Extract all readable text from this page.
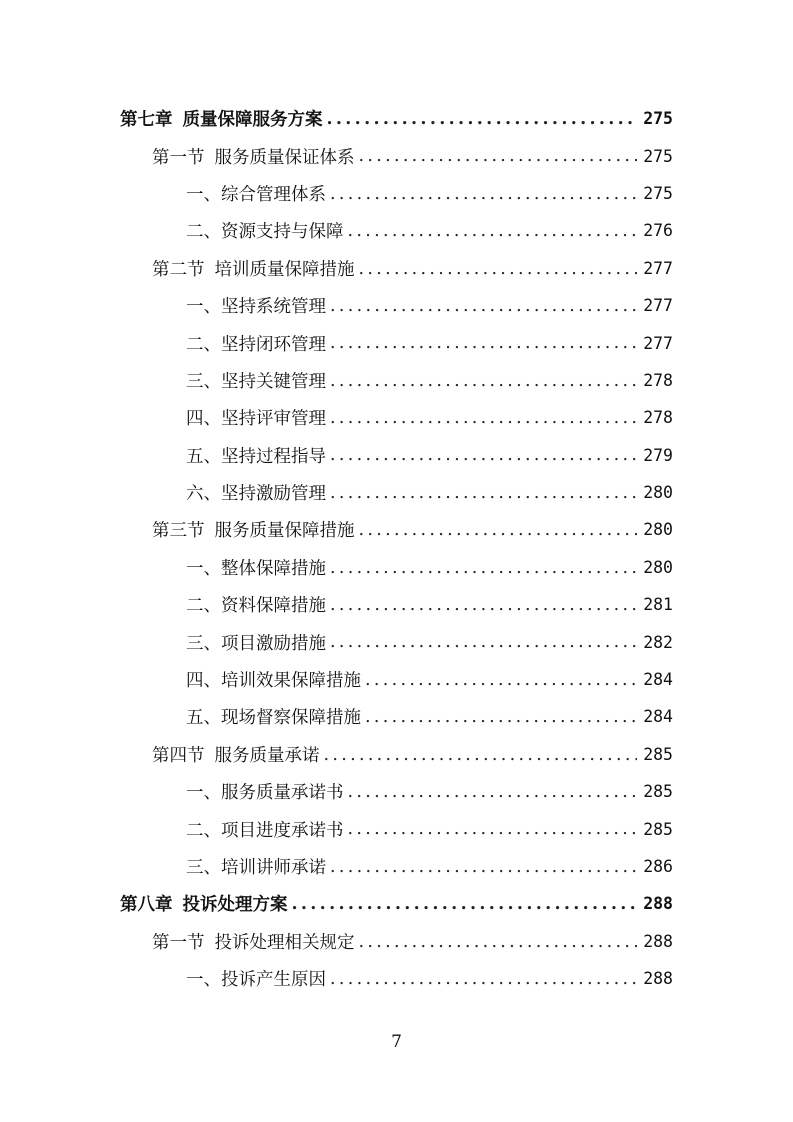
第七章 质量保障服务方案 .....	275
第一节 服务质量保证体系 .....	275
一、综合管理体系 .....	275
二、资源支持与保障 .....	276
第二节 培训质量保障措施 .....	277
一、坚持系统管理 .....	277
二、坚持闭环管理 .....	277
三、坚持关键管理 .....	278
四、坚持评审管理 .....	278
五、坚持过程指导 .....	279
六、坚持激励管理 .....	280
第三节 服务质量保障措施 .....	280
一、整体保障措施 .....	280
二、资料保障措施 .....	281
三、项目激励措施 .....	282
四、培训效果保障措施 .....	284
五、现场督察保障措施 .....	284
第四节 服务质量承诺 .....	285
一、服务质量承诺书 .....	285
二、项目进度承诺书 .....	285
三、培训讲师承诺 .....	286
第八章 投诉处理方案 .....	288
第一节 投诉处理相关规定 .....	288
一、投诉产生原因 .....	288
7
